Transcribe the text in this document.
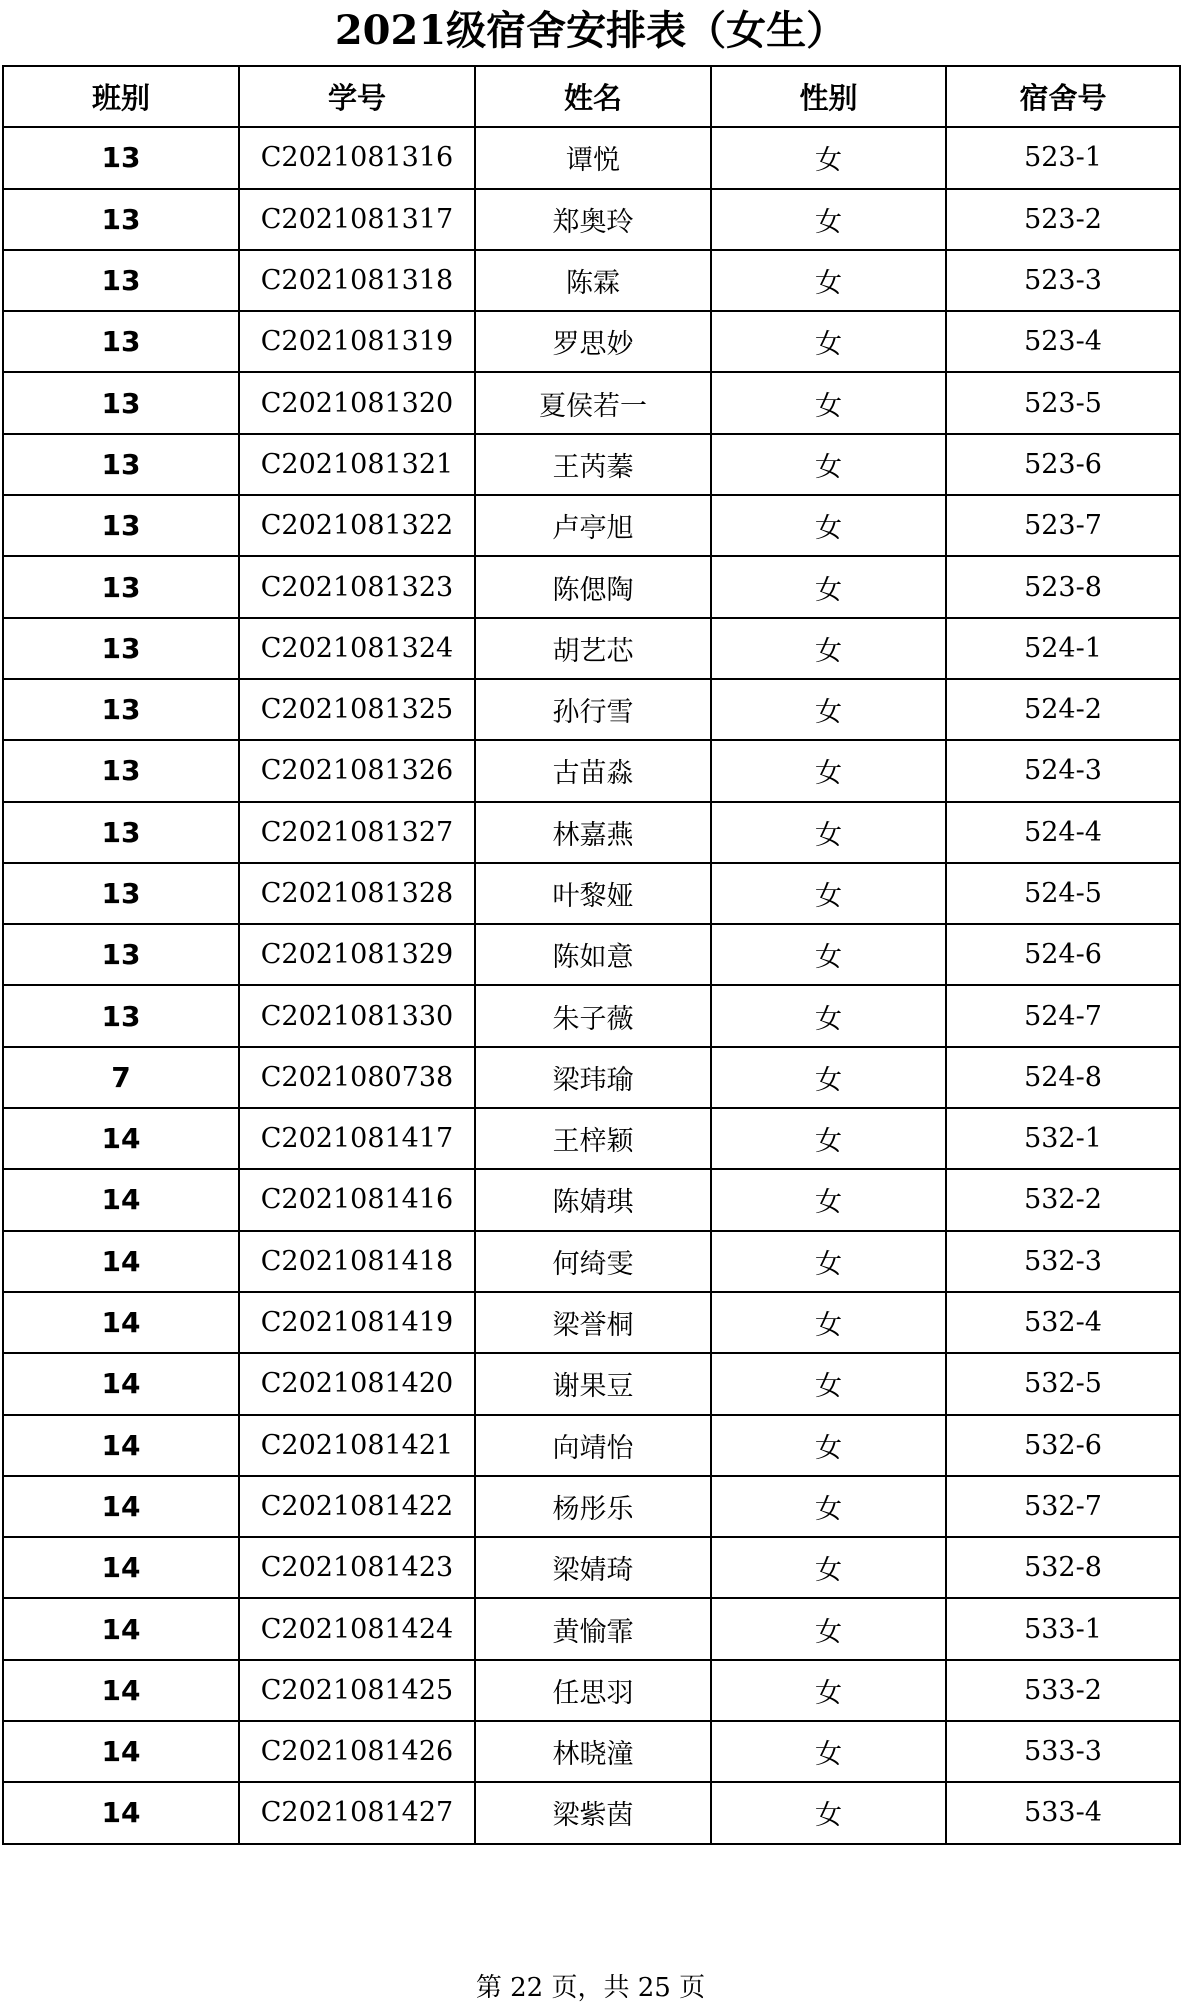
2021级宿舍安排表（女生）
班别	学号	姓名	性别	宿舍号
13	C2021081316	谭悦	女	523-1
13	C2021081317	郑奥玲	女	523-2
13	C2021081318	陈霖	女	523-3
13	C2021081319	罗思妙	女	523-4
13	C2021081320	夏侯若一	女	523-5
13	C2021081321	王芮蓁	女	523-6
13	C2021081322	卢亭旭	女	523-7
13	C2021081323	陈偲陶	女	523-8
13	C2021081324	胡艺芯	女	524-1
13	C2021081325	孙行雪	女	524-2
13	C2021081326	古苗淼	女	524-3
13	C2021081327	林嘉燕	女	524-4
13	C2021081328	叶黎娅	女	524-5
13	C2021081329	陈如意	女	524-6
13	C2021081330	朱子薇	女	524-7
7	C2021080738	梁玮瑜	女	524-8
14	C2021081417	王梓颖	女	532-1
14	C2021081416	陈婧琪	女	532-2
14	C2021081418	何绮雯	女	532-3
14	C2021081419	梁誉桐	女	532-4
14	C2021081420	谢果豆	女	532-5
14	C2021081421	向靖怡	女	532-6
14	C2021081422	杨彤乐	女	532-7
14	C2021081423	梁婧琦	女	532-8
14	C2021081424	黄愉霏	女	533-1
14	C2021081425	任思羽	女	533-2
14	C2021081426	林晓潼	女	533-3
14	C2021081427	梁紫茵	女	533-4
第 22 页，共 25 页
